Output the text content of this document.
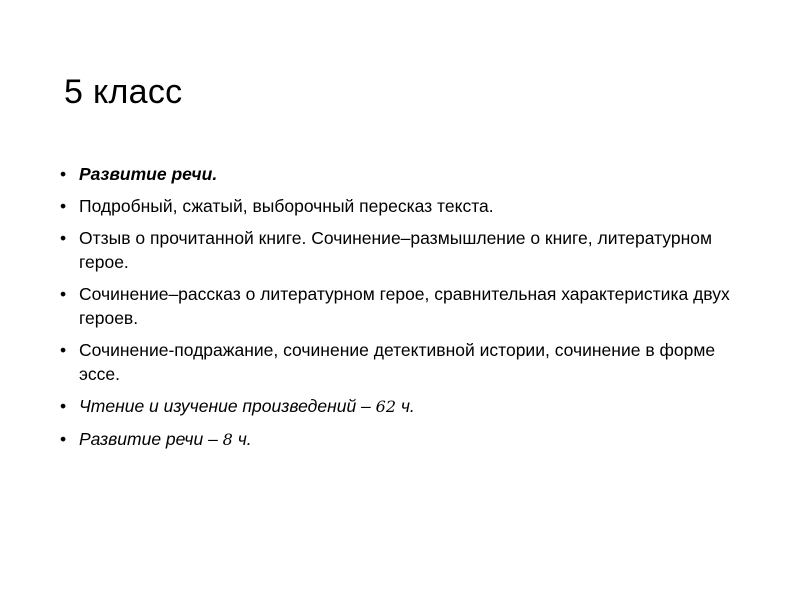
5 класс
• Развитие речи.
• Подробный, сжатый, выборочный пересказ текста.
• Отзыв о прочитанной книге. Сочинение–размышление о книге, литературном герое.
• Сочинение–рассказ о литературном герое, сравнительная характеристика двух героев.
• Сочинение-подражание, сочинение детективной истории, сочинение в форме эссе.
• Чтение и изучение произведений – 62 ч.
• Развитие речи – 8 ч.
